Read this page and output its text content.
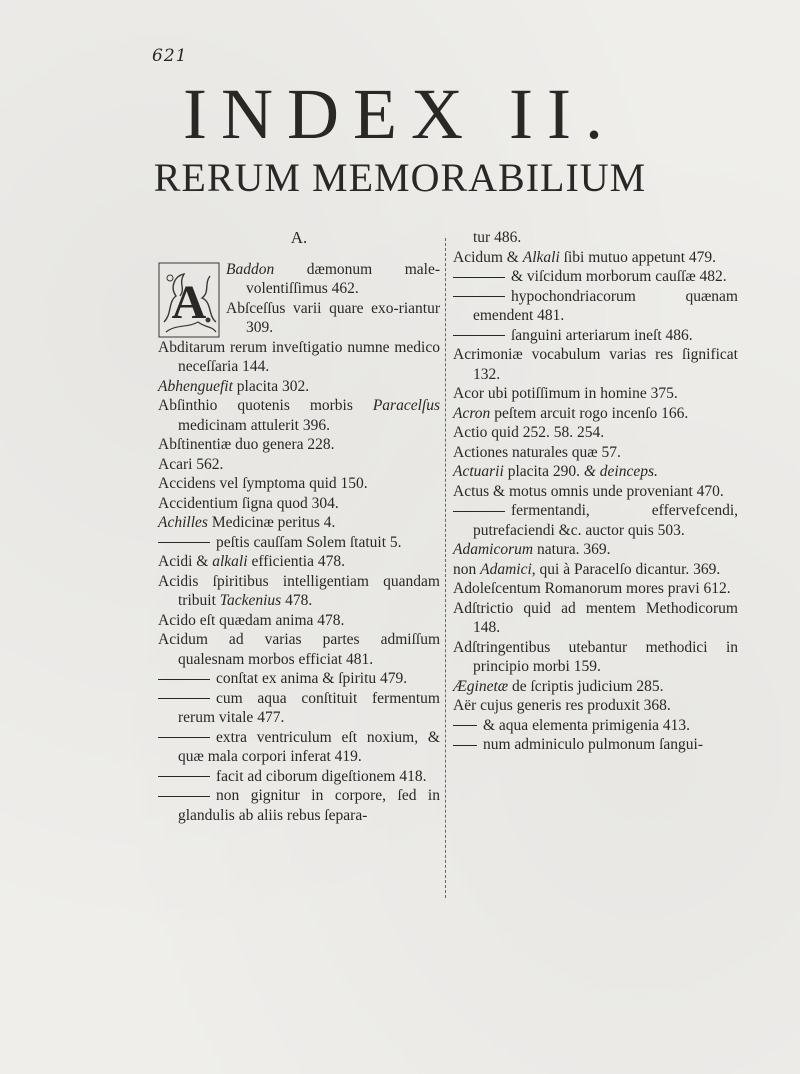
621
INDEX II.
RERUM MEMORABILIUM
A.
A

Baddon dæmonum male-volentiſſimus 462.

Abſceſſus varii quare exo-riantur 309.

Abditarum rerum inveſtigatio numne medico neceſſaria 144.

Abhenguefit placita 302.

Abſinthio quotenis morbis Paracelſus medicinam attulerit 396.

Abſtinentiæ duo genera 228.

Acari 562.

Accidens vel ſymptoma quid 150.

Accidentium ſigna quod 304.

Achilles Medicinæ peritus 4.

peſtis cauſſam Solem ſtatuit 5.

Acidi & alkali efficientia 478.

Acidis ſpiritibus intelligentiam quandam tribuit Tackenius 478.

Acido eſt quædam anima 478.

Acidum ad varias partes admiſſum qualesnam morbos efficiat 481.

conſtat ex anima & ſpiritu 479.

cum aqua conſtituit fermentum rerum vitale 477.

extra ventriculum eſt noxium, & quæ mala corpori inferat 419.

facit ad ciborum digeſtionem 418.

non gignitur in corpore, ſed in glandulis ab aliis rebus ſepara-

tur 486.

Acidum & Alkali ſibi mutuo appetunt 479.

& viſcidum morborum cauſſæ 482.

hypochondriacorum quænam emendent 481.

ſanguini arteriarum ineſt 486.

Acrimoniæ vocabulum varias res ſignificat 132.

Acor ubi potiſſimum in homine 375.

Acron peſtem arcuit rogo incenſo 166.

Actio quid 252. 58. 254.

Actiones naturales quæ 57.

Actuarii placita 290. & deinceps.

Actus & motus omnis unde proveniant 470.

fermentandi, effervefcendi, putrefaciendi &c. auctor quis 503.

Adamicorum natura. 369.

non Adamici, qui à Paracelſo dicantur. 369.

Adoleſcentum Romanorum mores pravi 612.

Adſtrictio quid ad mentem Methodicorum 148.

Adſtringentibus utebantur methodici in principio morbi 159.

Æginetæ de ſcriptis judicium 285.

Aër cujus generis res produxit 368.

& aqua elementa primigenia 413.

num adminiculo pulmonum ſangui-
